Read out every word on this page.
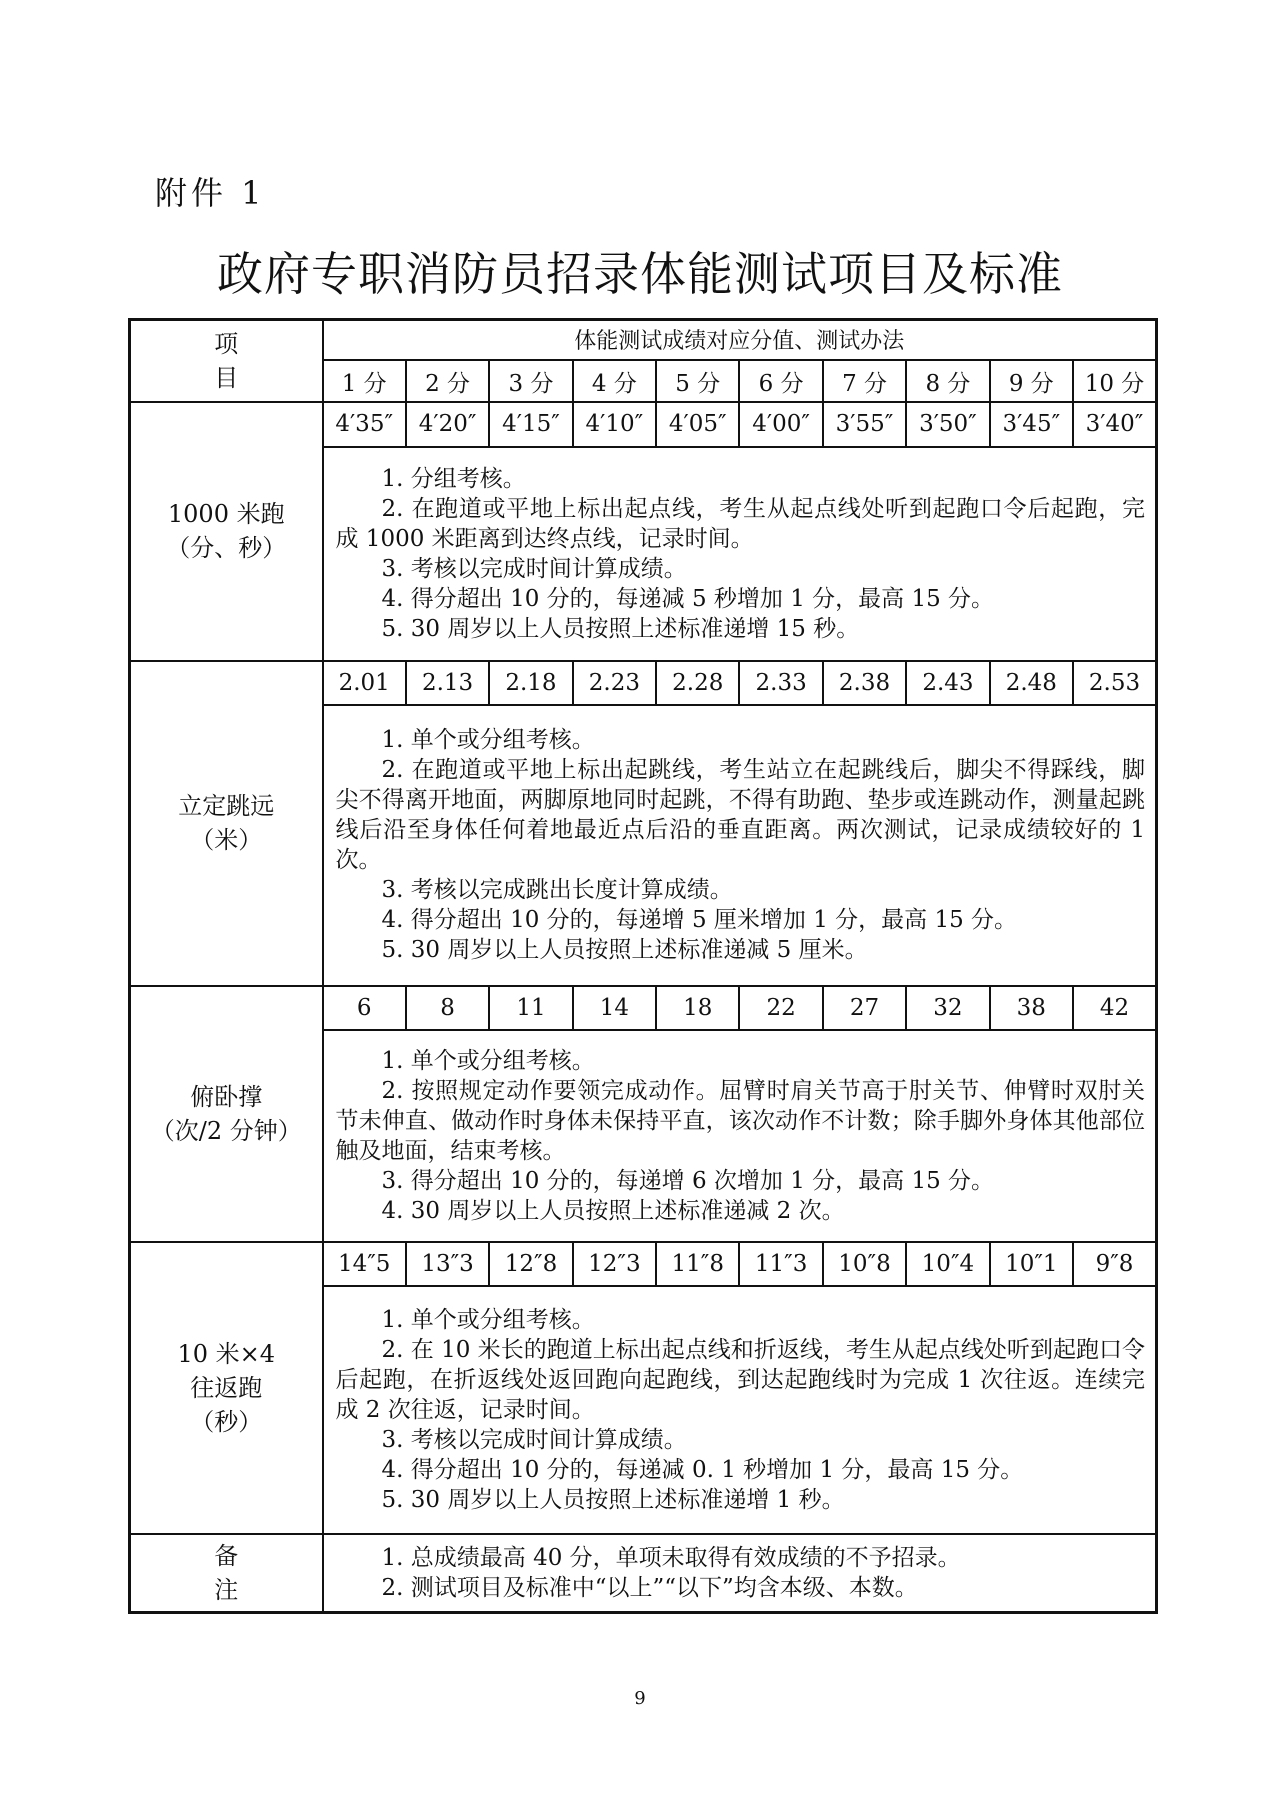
附件 1
政府专职消防员招录体能测试项目及标准
项　目	体能测试成绩对应分值、测试办法									
	1 分	2 分	3 分	4 分	5 分	6 分	7 分	8 分	9 分	10 分

1000 米跑
（分、秒）	4′35″	4′20″	4′15″	4′10″	4′05″	4′00″	3′55″	3′50″	3′45″	3′40″

	1. 分组考核。

2. 在跑道或平地上标出起点线，考生从起点线处听到起跑口令后起跑，完成 1000 米距离到达终点线，记录时间。

3. 考核以完成时间计算成绩。

4. 得分超出 10 分的，每递减 5 秒增加 1 分，最高 15 分。

5. 30 周岁以上人员按照上述标准递增 15 秒。									

立定跳远
（米）	2.01	2.13	2.18	2.23	2.28	2.33	2.38	2.43	2.48	2.53

	1. 单个或分组考核。

2. 在跑道或平地上标出起跳线，考生站立在起跳线后，脚尖不得踩线，脚尖不得离开地面，两脚原地同时起跳，不得有助跑、垫步或连跳动作，测量起跳线后沿至身体任何着地最近点后沿的垂直距离。两次测试，记录成绩较好的 1 次。

3. 考核以完成跳出长度计算成绩。

4. 得分超出 10 分的，每递增 5 厘米增加 1 分，最高 15 分。

5. 30 周岁以上人员按照上述标准递减 5 厘米。									

俯卧撑
（次/2 分钟）	6	8	11	14	18	22	27	32	38	42

	1. 单个或分组考核。

2. 按照规定动作要领完成动作。屈臂时肩关节高于肘关节、伸臂时双肘关节未伸直、做动作时身体未保持平直，该次动作不计数；除手脚外身体其他部位触及地面，结束考核。

3. 得分超出 10 分的，每递增 6 次增加 1 分，最高 15 分。

4. 30 周岁以上人员按照上述标准递减 2 次。									

10 米×4
往返跑
（秒）	14″5	13″3	12″8	12″3	11″8	11″3	10″8	10″4	10″1	9″8

	1. 单个或分组考核。

2. 在 10 米长的跑道上标出起点线和折返线，考生从起点线处听到起跑口令后起跑，在折返线处返回跑向起跑线，到达起跑线时为完成 1 次往返。连续完成 2 次往返，记录时间。

3. 考核以完成时间计算成绩。

4. 得分超出 10 分的，每递减 0. 1 秒增加 1 分，最高 15 分。

5. 30 周岁以上人员按照上述标准递增 1 秒。									

备　注	1. 总成绩最高 40 分，单项未取得有效成绩的不予招录。

2. 测试项目及标准中“以上”“以下”均含本级、本数。									

9
